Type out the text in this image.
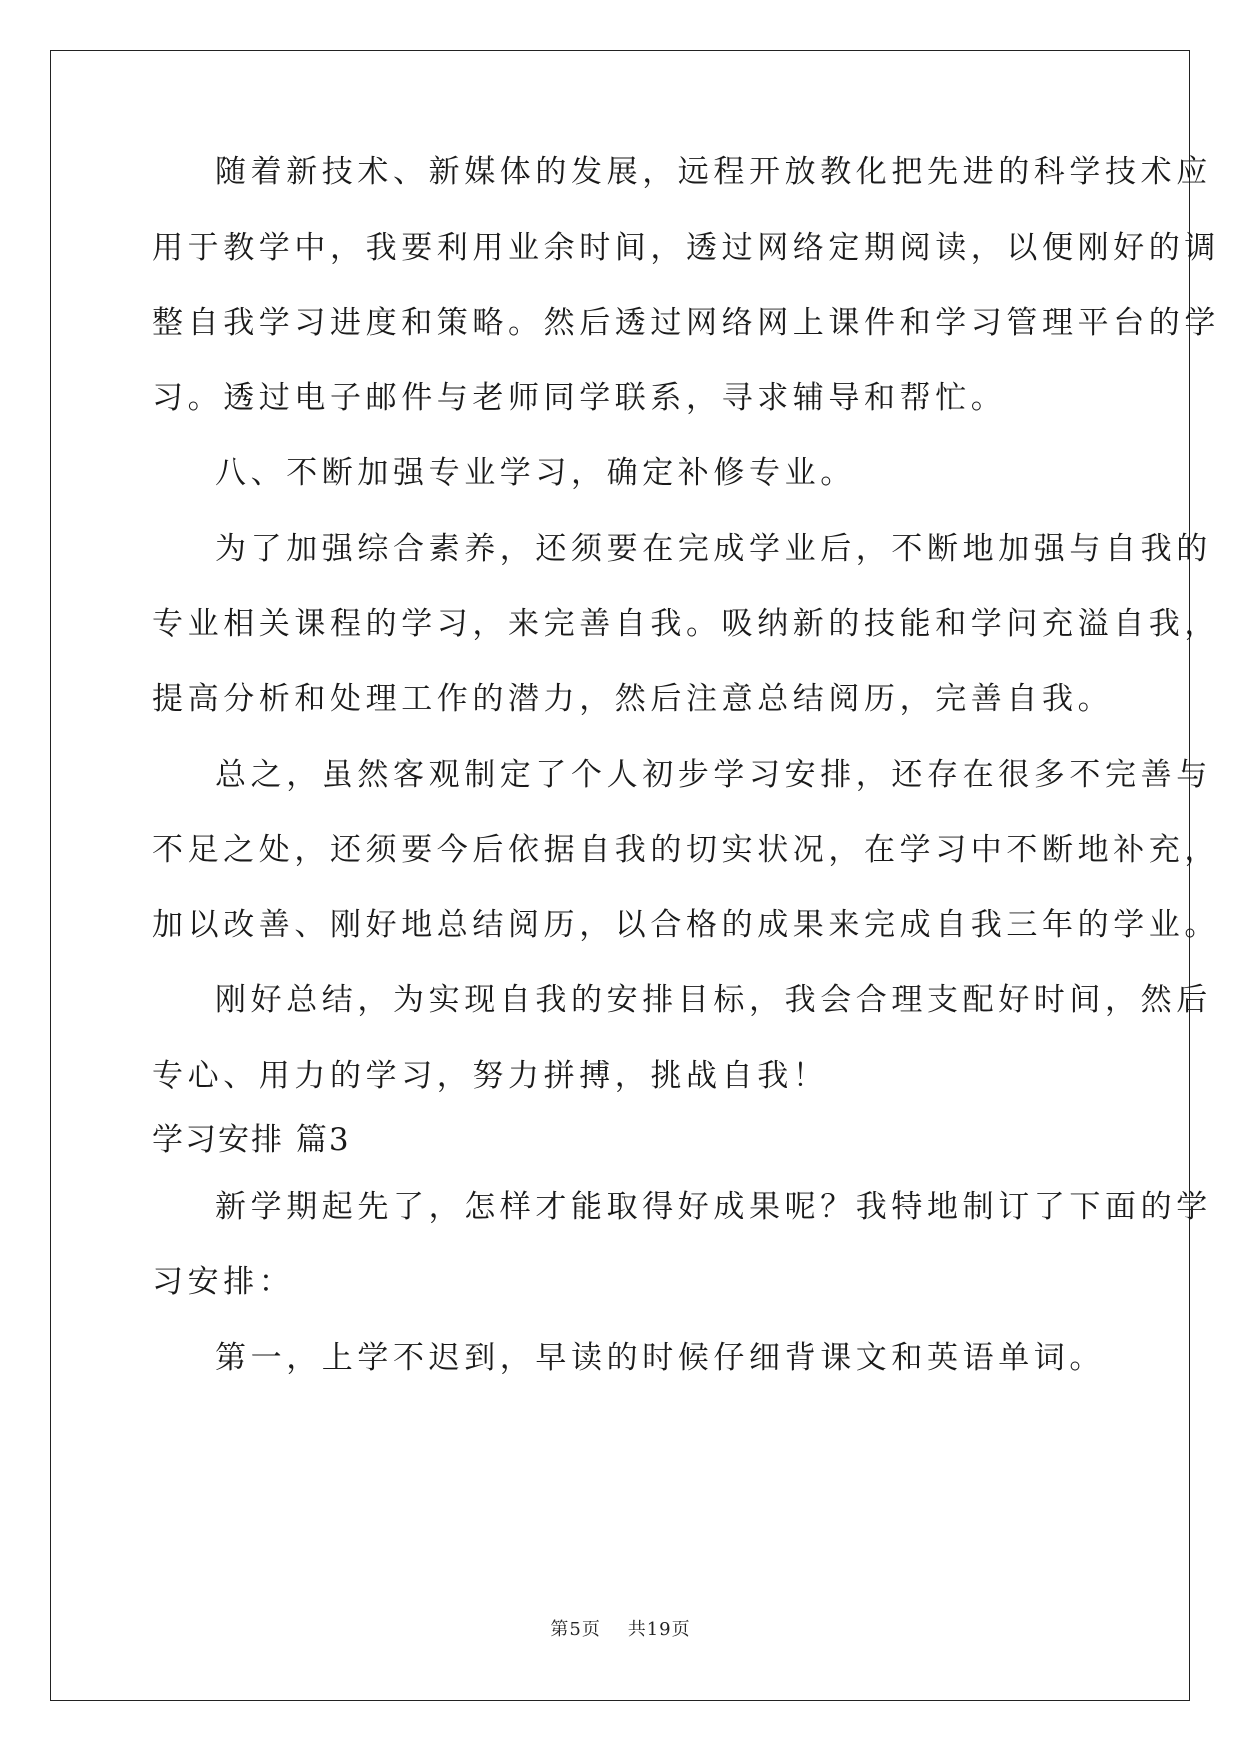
随着新技术、新媒体的发展，远程开放教化把先进的科学技术应
用于教学中，我要利用业余时间，透过网络定期阅读，以便刚好的调
整自我学习进度和策略。然后透过网络网上课件和学习管理平台的学
习。透过电子邮件与老师同学联系，寻求辅导和帮忙。
八、不断加强专业学习，确定补修专业。
为了加强综合素养，还须要在完成学业后，不断地加强与自我的
专业相关课程的学习，来完善自我。吸纳新的技能和学问充溢自我，
提高分析和处理工作的潜力，然后注意总结阅历，完善自我。
总之，虽然客观制定了个人初步学习安排，还存在很多不完善与
不足之处，还须要今后依据自我的切实状况，在学习中不断地补充，
加以改善、刚好地总结阅历，以合格的成果来完成自我三年的学业。
刚好总结，为实现自我的安排目标，我会合理支配好时间，然后
专心、用力的学习，努力拼搏，挑战自我！
学习安排 篇3
新学期起先了，怎样才能取得好成果呢？我特地制订了下面的学
习安排：
第一，上学不迟到，早读的时候仔细背课文和英语单词。
第5页 共19页
